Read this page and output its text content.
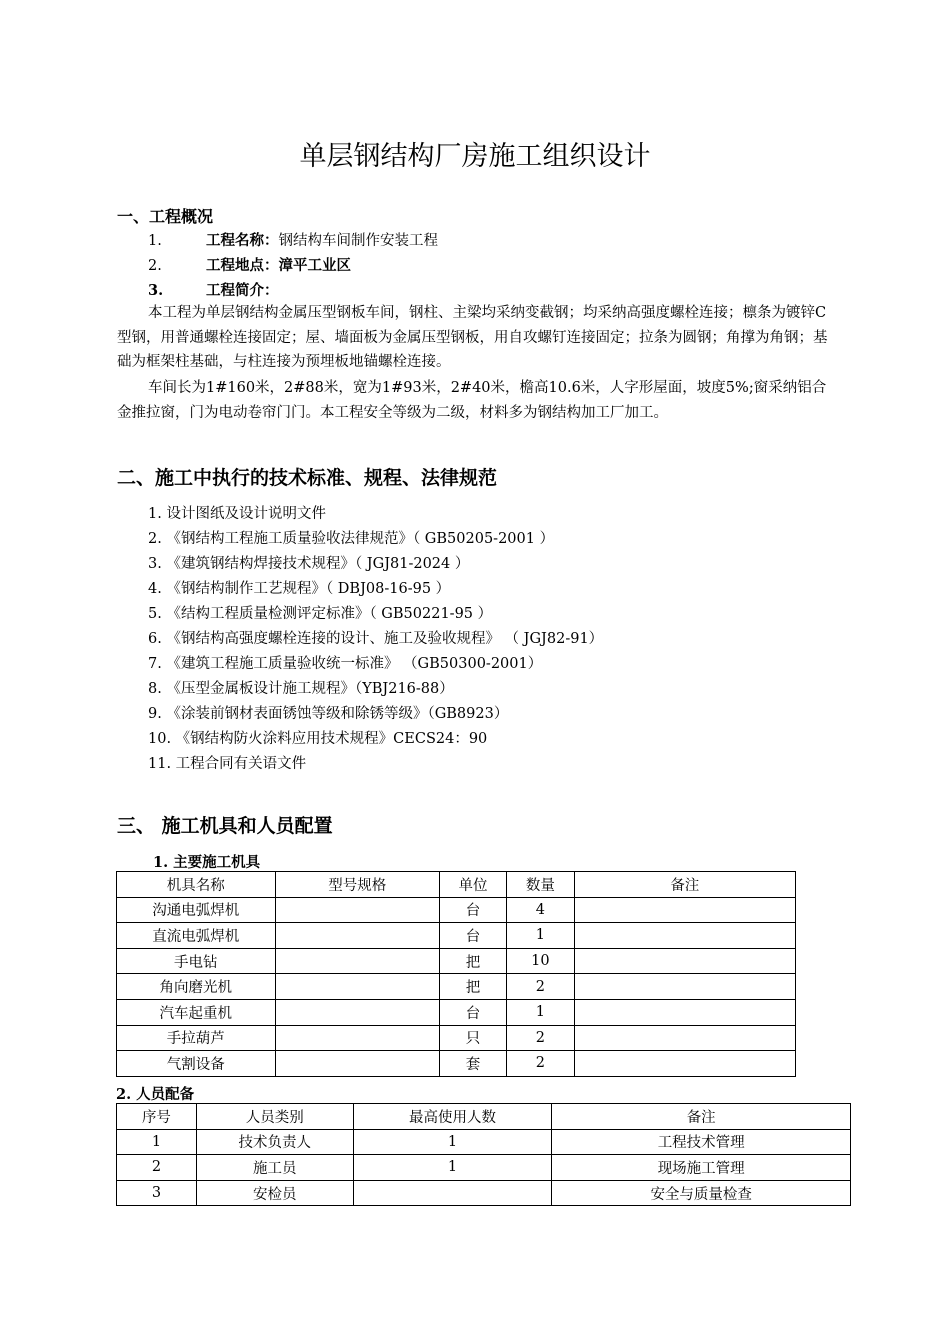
单层钢结构厂房施工组织设计
一、工程概况
1.	工程名称：钢结构车间制作安装工程
2.	工程地点：漳平工业区
3.	工程简介：
本工程为单层钢结构金属压型钢板车间，钢柱、主梁均采纳变截钢；均采纳高强度螺栓连接；檩条为镀锌C型钢，用普通螺栓连接固定；屋、墙面板为金属压型钢板，用自攻螺钉连接固定；拉条为圆钢；角撑为角钢；基础为框架柱基础，与柱连接为预埋板地锚螺栓连接。
车间长为1#160米，2#88米，宽为1#93米，2#40米，檐高10.6米，人字形屋面，坡度5%;窗采纳铝合金推拉窗，门为电动卷帘门门。本工程安全等级为二级，材料多为钢结构加工厂加工。
二、施工中执行的技术标准、规程、法律规范
1. 设计图纸及设计说明文件
2. 《钢结构工程施工质量验收法律规范》（ GB50205-2001 ）
3. 《建筑钢结构焊接技术规程》（ JGJ81-2024 ）
4. 《钢结构制作工艺规程》（ DBJ08-16-95 ）
5. 《结构工程质量检测评定标准》（ GB50221-95 ）
6. 《钢结构高强度螺栓连接的设计、施工及验收规程》 （ JGJ82-91）
7. 《建筑工程施工质量验收统一标准》 （GB50300-2001）
8. 《压型金属板设计施工规程》（YBJ216-88）
9. 《涂装前钢材表面锈蚀等级和除锈等级》（GB8923）
10. 《钢结构防火涂料应用技术规程》CECS24：90
11. 工程合同有关语文件
三、 施工机具和人员配置
1. 主要施工机具
机具名称	型号规格	单位	数量	备注
沟通电弧焊机		台	4	
直流电弧焊机		台	1	
手电钻		把	10	
角向磨光机		把	2	
汽车起重机		台	1	
手拉葫芦		只	2	
气割设备		套	2	
2. 人员配备
序号	人员类别	最高使用人数	备注
1	技术负责人	1	工程技术管理
2	施工员	1	现场施工管理
3	安检员		安全与质量检查
